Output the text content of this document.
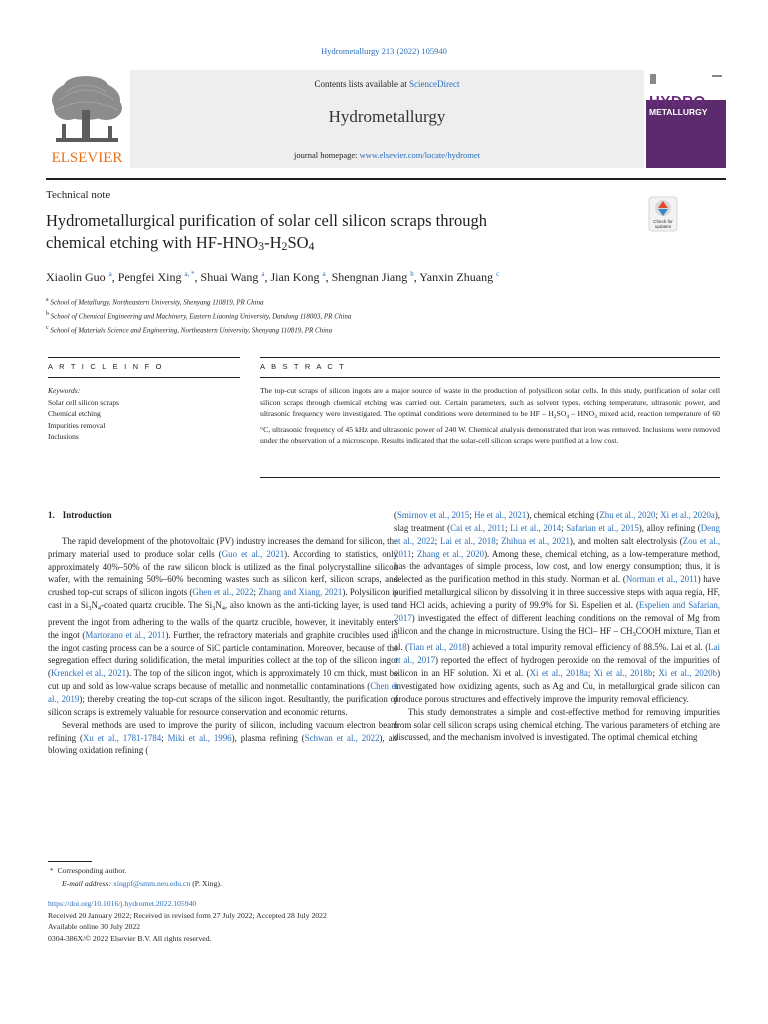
Hydrometallurgy 213 (2022) 105940
ELSEVIER
Contents lists available at ScienceDirect
Hydrometallurgy
journal homepage: www.elsevier.com/locate/hydromet
HYDRO
METALLURGY
Technical note
Hydrometallurgical purification of solar cell silicon scraps through
chemical etching with HF-HNO3-H2SO4
Check for
updates
Xiaolin Guo $^a$, Pengfei Xing $^{a, *}$, Shuai Wang $^a$, Jian Kong $^a$, Shengnan Jiang $^b$, Yanxin Zhuang $^c$
$^a$ School of Metallurgy, Northeastern University, Shenyang 110819, PR China
$^b$ School of Chemical Engineering and Machinery, Eastern Liaoning University, Dandong 118003, PR China
$^c$ School of Materials Science and Engineering, Northeastern University, Shenyang 110819, PR China
A R T I C L E I N F O	A B S T R A C T
Keywords:
Solar cell silicon scraps
Chemical etching
Impurities removal
Inclusions
The top-cut scraps of silicon ingots are a major source of waste in the production of polysilicon solar cells. In this study, purification of solar cell silicon scraps through chemical etching was carried out. Certain parameters, such as solvent types, etching temperature, ultrasonic power, and ultrasonic frequency were investigated. The optimal conditions were determined to be HF – $H_2SO_4 - HNO_3$ mixed acid, reaction temperature of 60 °C, ultrasonic frequency of 45 kHz and ultrasonic power of 240 W. Chemical analysis demonstrated that iron was removed. Inclusions were removed under the observation of a microscope. Results indicated that the solar-cell silicon scraps were purified at a low cost.
1. Introduction

The rapid development of the photovoltaic (PV) industry increases the demand for silicon, the primary material used to produce solar cells (Guo et al., 2021). According to statistics, only approximately 40%–50% of the raw silicon block is utilized as the final polycrystalline silicon wafer, with the remaining 50%–60% becoming wastes such as silicon kerf, silicon scraps, and crushed top-cut scraps of silicon ingots (Ghen et al., 2022; Zhang and Xiang, 2021). Polysilicon is cast in a $Si_3N_4$-coated quartz crucible. The $Si_3N_4$, also known as the anti-ticking layer, is used to prevent the ingot from adhering to the walls of the quartz crucible, however, it inevitably enters the ingot (Martorano et al., 2011). Further, the refractory materials and graphite crucibles used in the ingot casting process can be a source of SiC particle contamination. Moreover, because of the segregation effect during solidification, the metal impurities collect at the top of the silicon ingot (Krenckel et al., 2021). The top of the silicon ingot, which is approximately 10 cm thick, must be cut up and sold as low-value scraps because of metallic and nonmetallic contaminations (Chen et al., 2019); thereby creating the top-cut scraps of the silicon ingot. Resultantly, the purification of silicon scraps is extremely valuable for resource conservation and economic returns.

Several methods are used to improve the purity of silicon, including vacuum electron beam refining (Xu et al., 1781-1784; Miki et al., 1996), plasma refining (Schwan et al., 2022), air blowing oxidation refining (

(Smirnov et al., 2015; He et al., 2021), chemical etching (Zhu et al., 2020; Xi et al., 2020a), slag treatment (Cai et al., 2011; Li et al., 2014; Safarian et al., 2015), alloy refining (Deng et al., 2022; Lai et al., 2018; Zhihua et al., 2021), and molten salt electrolysis (Zou et al., 2011; Zhang et al., 2020). Among these, chemical etching, as a low-temperature method, has the advantages of simple process, low cost, and low energy consumption; thus, it is selected as the purification method in this study. Norman et al. (Norman et al., 2011) have purified metallurgical silicon by dissolving it in three successive steps with aqua regia, HF, and HCl acids, achieving a purity of 99.9% for Si. Espelien et al. (Espelien and Safarian, 2017) investigated the effect of different leaching conditions on the removal of Mg from silicon and the change in microstructure. Using the HCl– HF – $CH_3COOH$ mixture, Tian et al. (Tian et al., 2018) achieved a total impurity removal efficiency of 88.5%. Lai et al. (Lai et al., 2017) reported the effect of hydrogen peroxide on the removal of the impurities of silicon in an HF solution. Xi et al. (Xi et al., 2018a; Xi et al., 2018b; Xi et al., 2020b) investigated how oxidizing agents, such as Ag and Cu, in metallurgical grade silicon can produce porous structures and effectively improve the impurity removal efficiency.

This study demonstrates a simple and cost-effective method for removing impurities from solar cell silicon scraps using chemical etching. The various parameters of etching are discussed, and the mechanism involved is investigated. The optimal chemical etching

* Corresponding author.
E-mail address: xingpf@smm.neu.edu.cn (P. Xing).
https://doi.org/10.1016/j.hydromet.2022.105940
Received 20 January 2022; Received in revised form 27 July 2022; Accepted 28 July 2022
Available online 30 July 2022
0304-386X/© 2022 Elsevier B.V. All rights reserved.
